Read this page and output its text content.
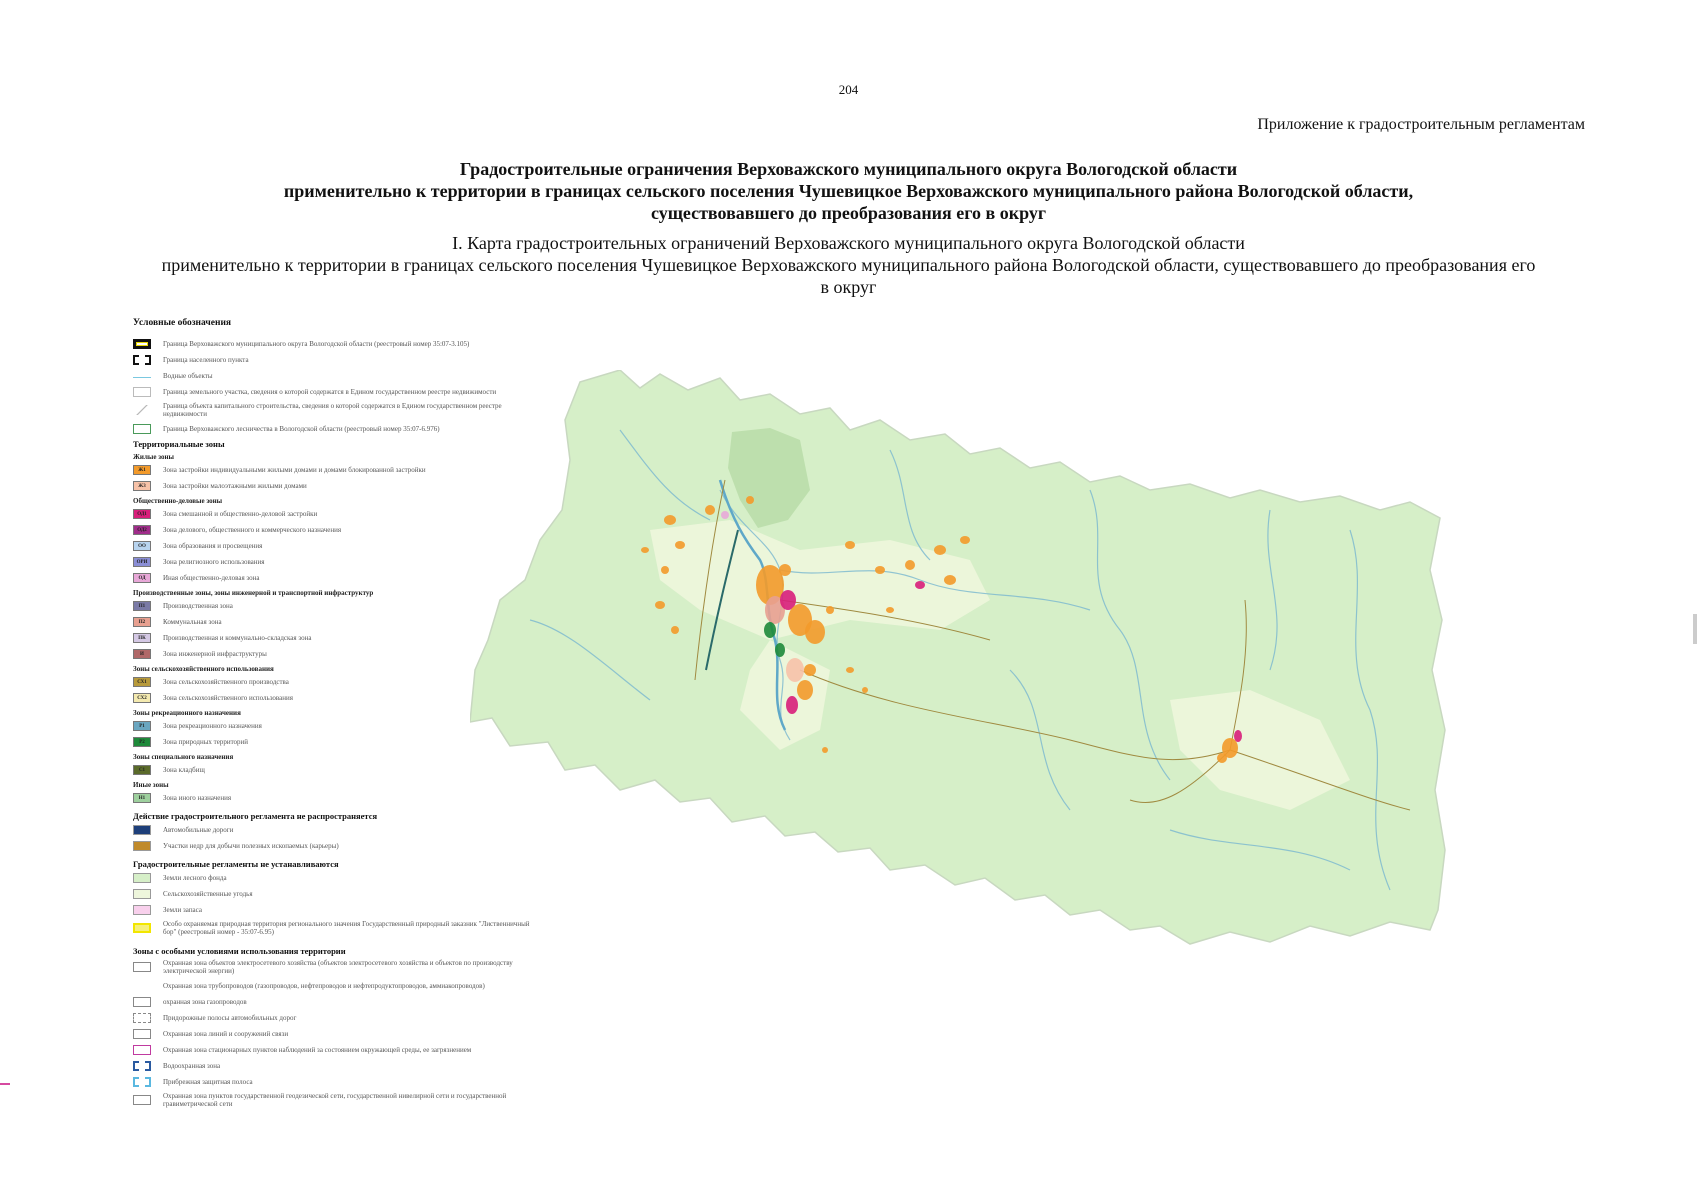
204
Приложение к градостроительным регламентам
Градостроительные ограничения Верховажского муниципального округа Вологодской области
применительно к территории в границах сельского поселения Чушевицкое Верховажского муниципального района Вологодской области,
существовавшего до преобразования его в округ
I. Карта градостроительных ограничений Верховажского муниципального округа Вологодской области
применительно к территории в границах сельского поселения Чушевицкое Верховажского муниципального района Вологодской области, существовавшего до преобразования его
в округ
Условные обозначения
Граница Верховажского муниципального округа Вологодской области (реестровый номер 35:07-3.105)
Граница населенного пункта
Водные объекты
Граница земельного участка, сведения о которой содержатся в Едином государственном реестре недвижимости
Граница объекта капитального строительства, сведения о которой содержатся в Едином государственном реестре недвижимости
Граница Верховажского лесничества в Вологодской области (реестровый номер 35:07-6.976)
Территориальные зоны
Жилые зоны
Ж1	Зона застройки индивидуальными жилыми домами и домами блокированной застройки
Ж3	Зона застройки малоэтажными жилыми домами
Общественно-деловые зоны
ОД1	Зона смешанной и общественно-деловой застройки
ОД2	Зона делового, общественного и коммерческого назначения
ОО	Зона образования и просвещения
ОРИ	Зона религиозного использования
ОД	Иная общественно-деловая зона
Производственные зоны, зоны инженерной и транспортной инфраструктур
П1	Производственная зона
П2	Коммунальная зона
ПК	Производственная и коммунально-складская зона
И	Зона инженерной инфраструктуры
Зоны сельскохозяйственного использования
СХ1	Зона сельскохозяйственного производства
СХ2	Зона сельскохозяйственного использования
Зоны рекреационного назначения
Р1	Зона рекреационного назначения
Р2	Зона природных территорий
Зоны специального назначения
С1	Зона кладбищ
Иные зоны
Н1	Зона иного назначения
Действие градостроительного регламента не распространяется
Автомобильные дороги
Участки недр для добычи полезных ископаемых (карьеры)
Градостроительные регламенты не устанавливаются
Земли лесного фонда
Сельскохозяйственные угодья
Земли запаса
Особо охраняемая природная территория регионального значения Государственный природный заказник "Лиственничный бор" (реестровый номер - 35:07-6.95)
Зоны с особыми условиями использования территории
Охранная зона объектов электросетевого хозяйства (объектов электросетевого хозяйства и объектов по производству электрической энергии)
Охранная зона трубопроводов (газопроводов, нефтепроводов и нефтепродуктопроводов, аммиакопроводов)
охранная зона газопроводов
Придорожные полосы автомобильных дорог
Охранная зона линий и сооружений связи
Охранная зона стационарных пунктов наблюдений за состоянием окружающей среды, ее загрязнением
Водоохранная зона
Прибрежная защитная полоса
Охранная зона пунктов государственной геодезической сети, государственной нивелирной сети и государственной гравиметрической сети
